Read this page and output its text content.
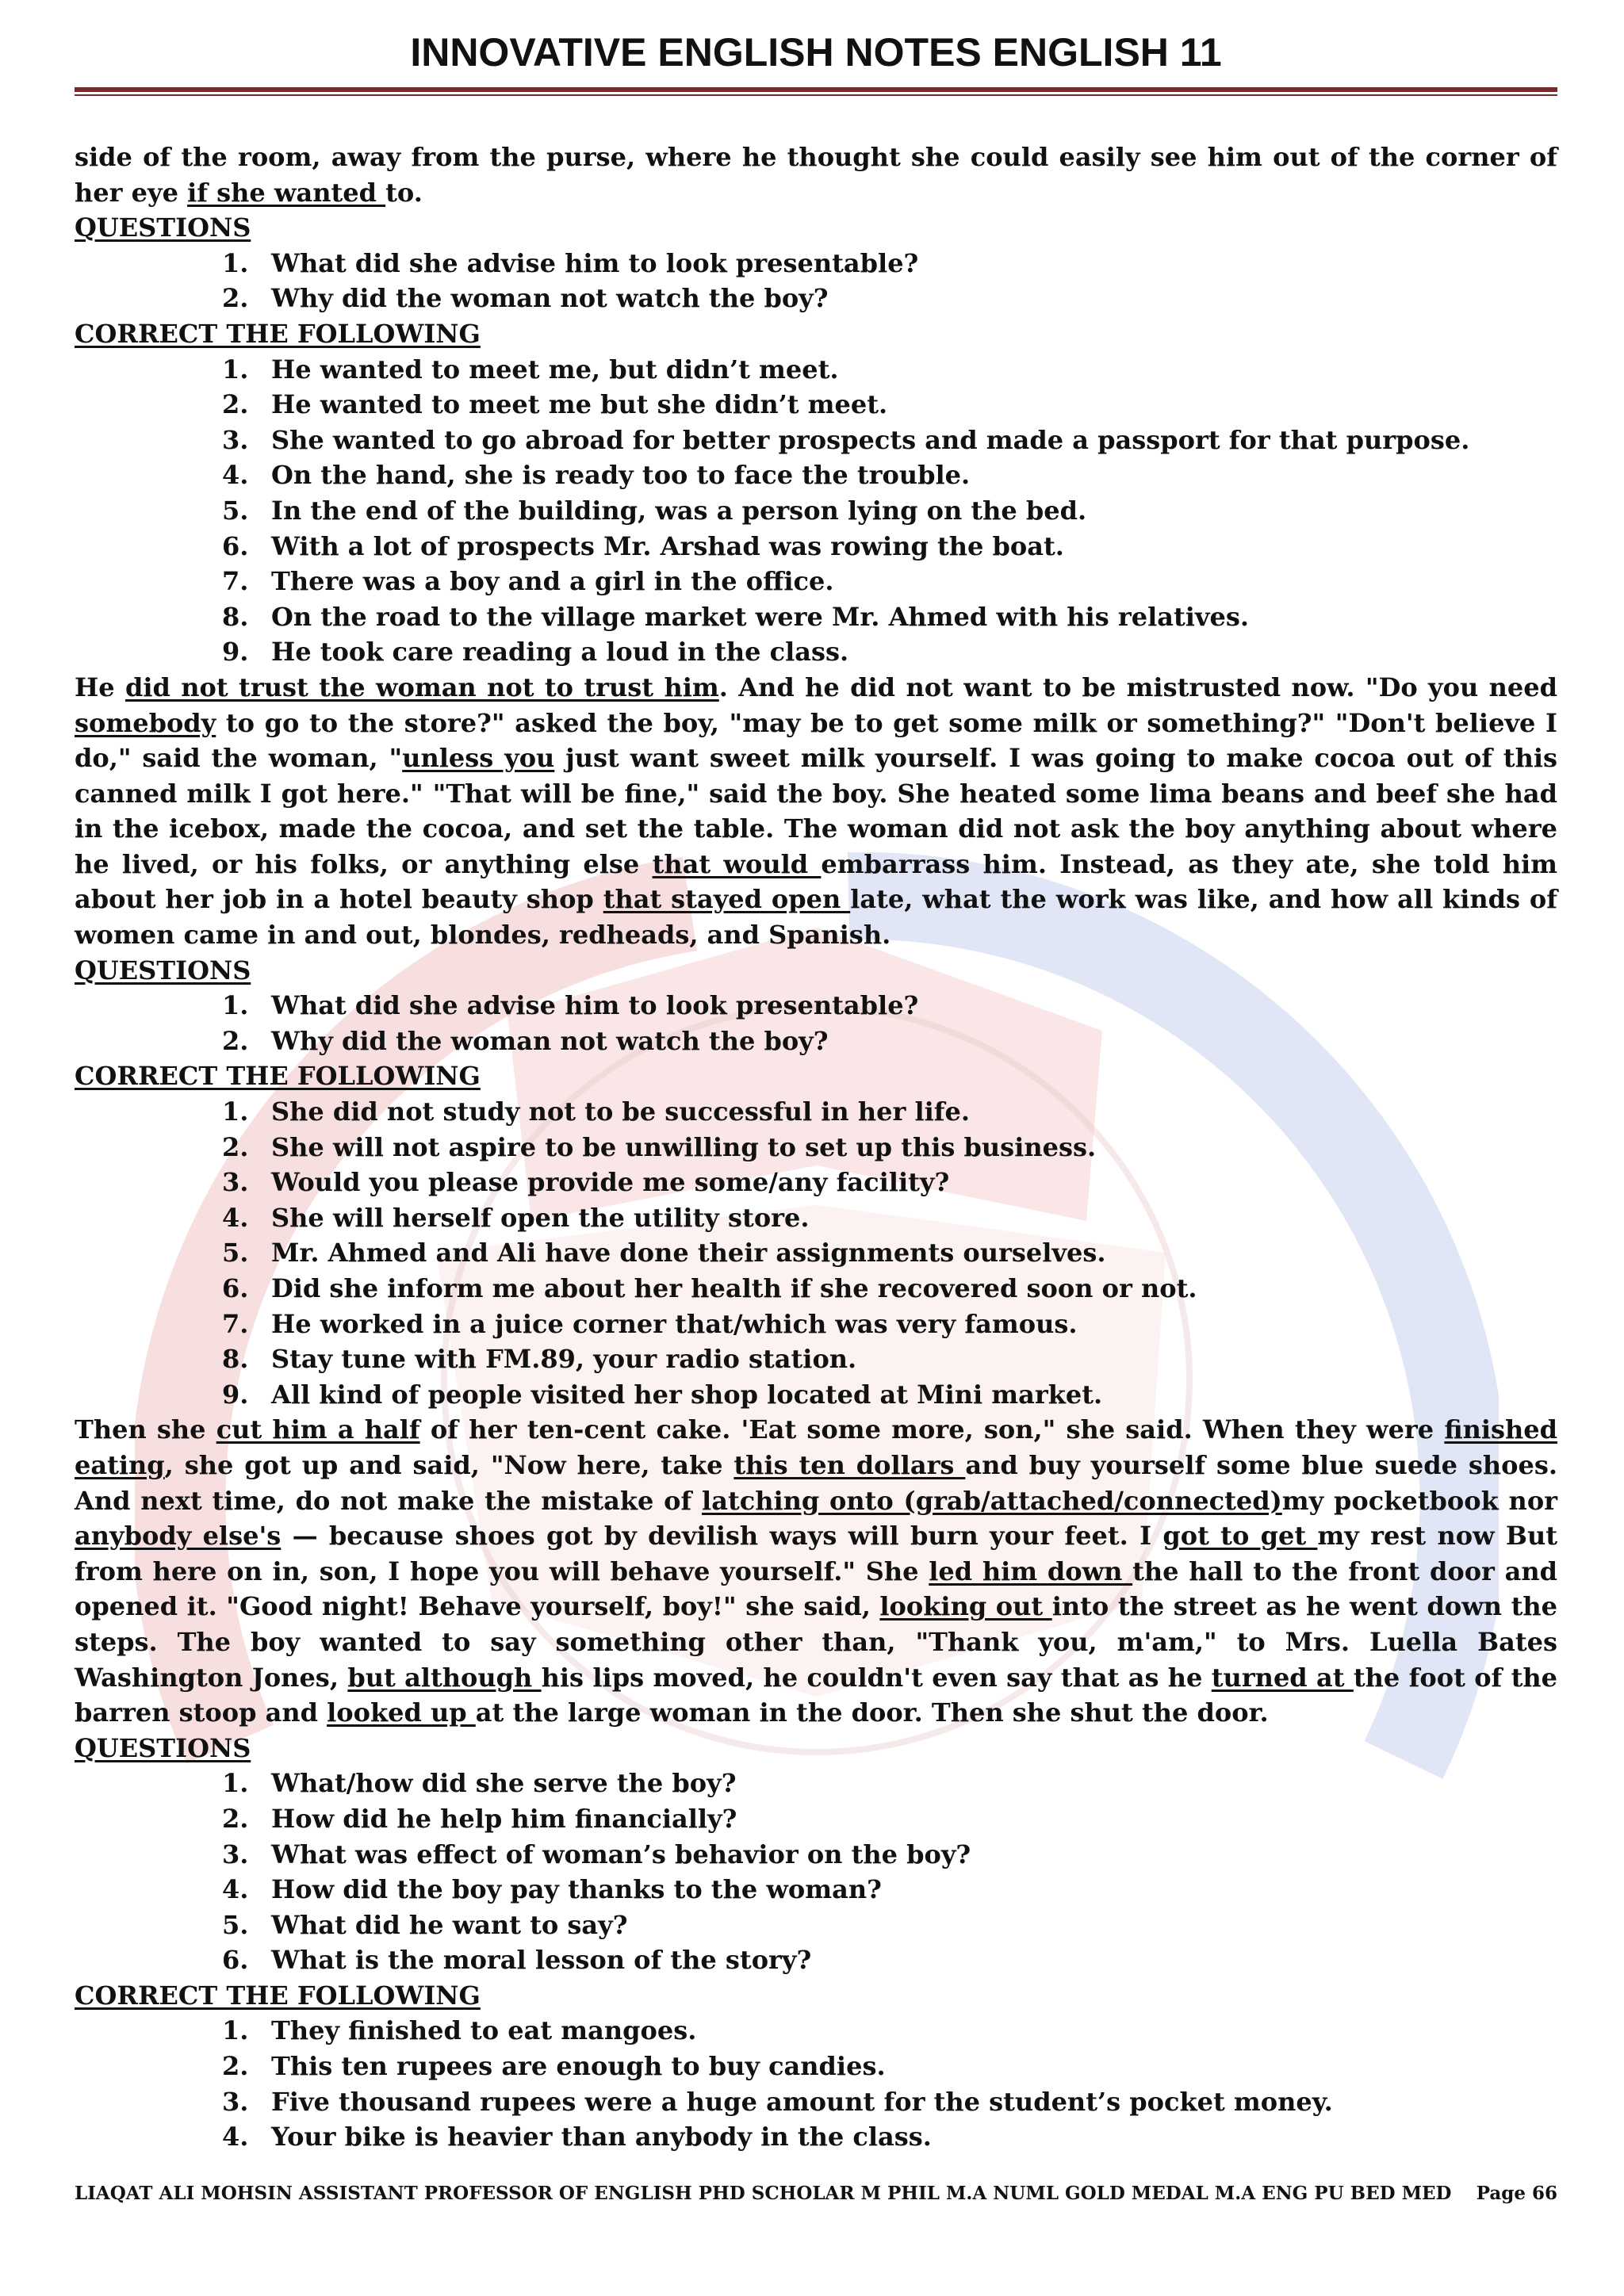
INNOVATIVE ENGLISH NOTES ENGLISH 11

side of the room, away from the purse, where he thought she could easily see him out of the corner of her eye if she wanted to.

QUESTIONS
1. What did she advise him to look presentable?
2. Why did the woman not watch the boy?
CORRECT THE FOLLOWING
1. He wanted to meet me, but didn’t meet.
2. He wanted to meet me but she didn’t meet.
3. She wanted to go abroad for better prospects and made a passport for that purpose.
4. On the hand, she is ready too to face the trouble.
5. In the end of the building, was a person lying on the bed.
6. With a lot of prospects Mr. Arshad was rowing the boat.
7. There was a boy and a girl in the office.
8. On the road to the village market were Mr. Ahmed with his relatives.
9. He took care reading a loud in the class.

He did not trust the woman not to trust him. And he did not want to be mistrusted now. "Do you need somebody to go to the store?" asked the boy, "may be to get some milk or something?" "Don't believe I do," said the woman, "unless you just want sweet milk yourself. I was going to make cocoa out of this canned milk I got here." "That will be fine," said the boy. She heated some lima beans and beef she had in the icebox, made the cocoa, and set the table. The woman did not ask the boy anything about where he lived, or his folks, or anything else that would embarrass him. Instead, as they ate, she told him about her job in a hotel beauty shop that stayed open late, what the work was like, and how all kinds of women came in and out, blondes, redheads, and Spanish.

QUESTIONS
1. What did she advise him to look presentable?
2. Why did the woman not watch the boy?
CORRECT THE FOLLOWING
1. She did not study not to be successful in her life.
2. She will not aspire to be unwilling to set up this business.
3. Would you please provide me some/any facility?
4. She will herself open the utility store.
5. Mr. Ahmed and Ali have done their assignments ourselves.
6. Did she inform me about her health if she recovered soon or not.
7. He worked in a juice corner that/which was very famous.
8. Stay tune with FM.89, your radio station.
9. All kind of people visited her shop located at Mini market.

Then she cut him a half of her ten-cent cake. 'Eat some more, son," she said. When they were finished eating, she got up and said, "Now here, take this ten dollars and buy yourself some blue suede shoes. And next time, do not make the mistake of latching onto (grab/attached/connected)my pocketbook nor anybody else's — because shoes got by devilish ways will burn your feet. I got to get my rest now But from here on in, son, I hope you will behave yourself." She led him down the hall to the front door and opened it. "Good night! Behave yourself, boy!" she said, looking out into the street as he went down the steps. The boy wanted to say something other than, "Thank you, m'am," to Mrs. Luella Bates Washington Jones, but although his lips moved, he couldn't even say that as he turned at the foot of the barren stoop and looked up at the large woman in the door. Then she shut the door.

QUESTIONS
1. What/how did she serve the boy?
2. How did he help him financially?
3. What was effect of woman’s behavior on the boy?
4. How did the boy pay thanks to the woman?
5. What did he want to say?
6. What is the moral lesson of the story?
CORRECT THE FOLLOWING
1. They finished to eat mangoes.
2. This ten rupees are enough to buy candies.
3. Five thousand rupees were a huge amount for the student’s pocket money.
4. Your bike is heavier than anybody in the class.
LIAQAT ALI MOHSIN ASSISTANT PROFESSOR OF ENGLISH PHD SCHOLAR M PHIL M.A NUML GOLD MEDAL M.A ENG PU BED MED Page 66
